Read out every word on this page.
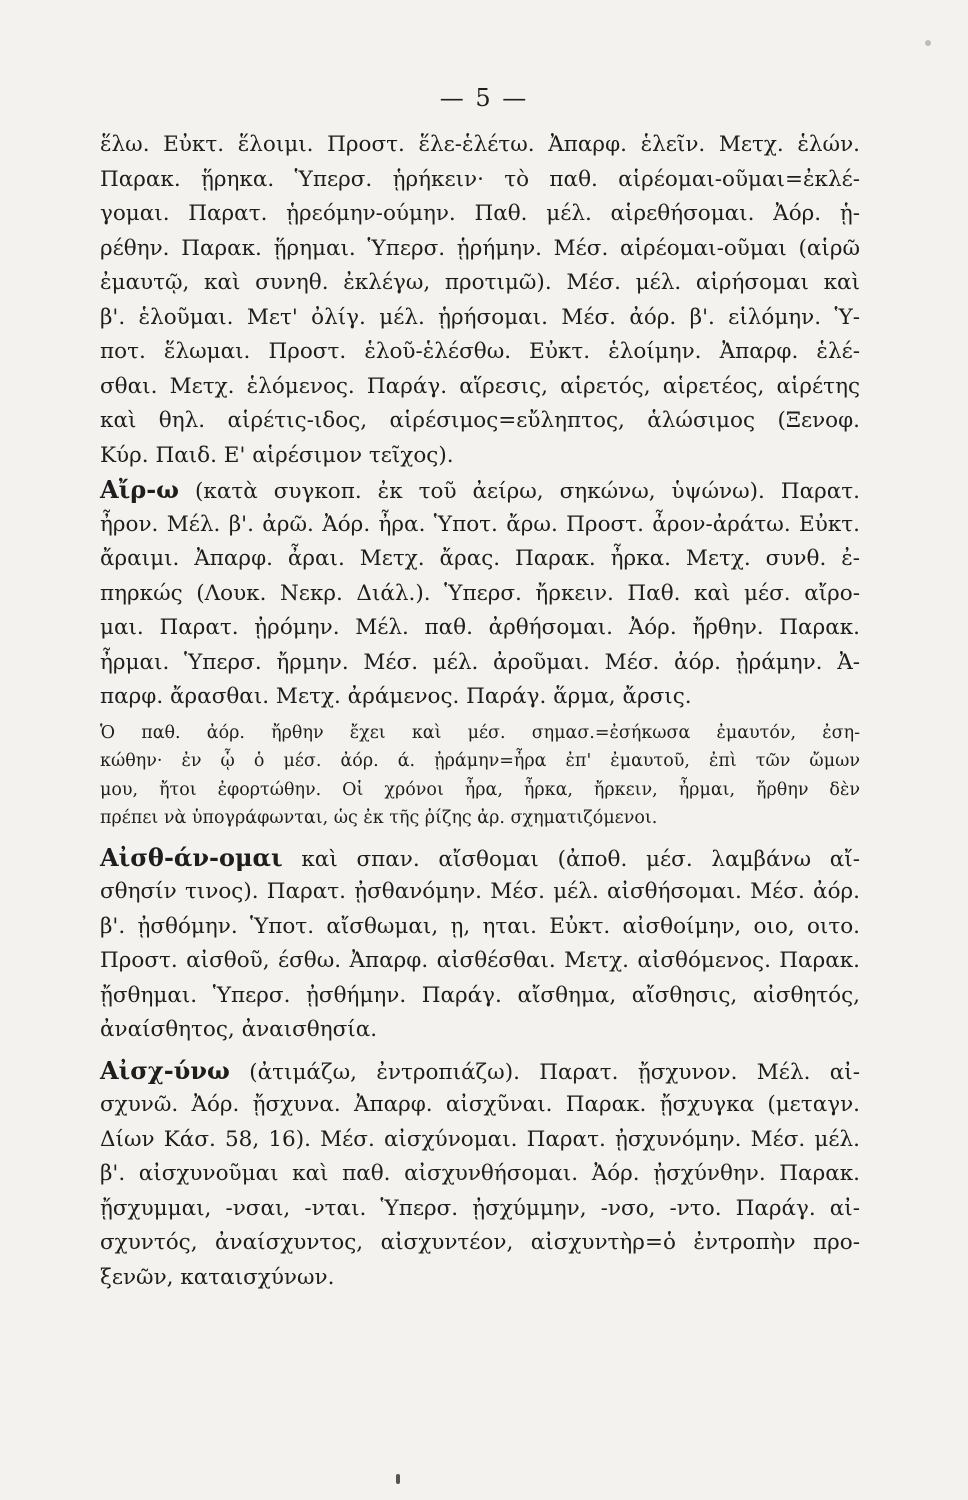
— 5 —
ἕλω. Εὐκτ. ἕλοιμι. Προστ. ἕλε-ἑλέτω. Ἀπαρφ. ἑλεῖν. Μετχ. ἑλών.
Παρακ. ᾕρηκα. Ὑπερσ. ᾑρήκειν· τὸ παθ. αἱρέομαι-οῦμαι=ἐκλέ-
γομαι. Παρατ. ᾑρεόμην-ούμην. Παθ. μέλ. αἱρεθήσομαι. Ἀόρ. ᾑ-
ρέθην. Παρακ. ᾕρημαι. Ὑπερσ. ᾑρήμην. Μέσ. αἱρέομαι-οῦμαι (αἱρῶ
ἐμαυτῷ, καὶ συνηθ. ἐκλέγω, προτιμῶ). Μέσ. μέλ. αἱρήσομαι καὶ
β'. ἑλοῦμαι. Μετ' ὀλίγ. μέλ. ᾑρήσομαι. Μέσ. ἀόρ. β'. εἱλόμην. Ὑ-
ποτ. ἕλωμαι. Προστ. ἑλοῦ-ἑλέσθω. Εὐκτ. ἑλοίμην. Ἀπαρφ. ἑλέ-
σθαι. Μετχ. ἑλόμενος. Παράγ. αἵρεσις, αἱρετός, αἱρετέος, αἱρέτης
καὶ θηλ. αἱρέτις-ιδος, αἱρέσιμος=εὔληπτος, ἁλώσιμος (Ξενοφ.
Κύρ. Παιδ. Ε' αἱρέσιμον τεῖχος).
Αἴρ-ω (κατὰ συγκοπ. ἐκ τοῦ ἀείρω, σηκώνω, ὑψώνω). Παρατ.
ἦρον. Μέλ. β'. ἀρῶ. Ἀόρ. ἦρα. Ὑποτ. ἄρω. Προστ. ἆρον-ἀράτω. Εὐκτ.
ἄραιμι. Ἀπαρφ. ἆραι. Μετχ. ἄρας. Παρακ. ἦρκα. Μετχ. συνθ. ἐ-
πηρκώς (Λουκ. Νεκρ. Διάλ.). Ὑπερσ. ἤρκειν. Παθ. καὶ μέσ. αἴρο-
μαι. Παρατ. ᾐρόμην. Μέλ. παθ. ἀρθήσομαι. Ἀόρ. ἤρθην. Παρακ.
ἦρμαι. Ὑπερσ. ἤρμην. Μέσ. μέλ. ἀροῦμαι. Μέσ. ἀόρ. ᾐράμην. Ἀ-
παρφ. ἄρασθαι. Μετχ. ἀράμενος. Παράγ. ἅρμα, ἄρσις.
Ὁ παθ. ἀόρ. ἤρθην ἔχει καὶ μέσ. σημασ.=ἐσήκωσα ἐμαυτόν, ἐση-
κώθην· ἐν ᾧ ὁ μέσ. ἀόρ. ά. ᾐράμην=ἦρα ἐπ' ἐμαυτοῦ, ἐπὶ τῶν ὤμων
μου, ἤτοι ἐφορτώθην. Οἱ χρόνοι ἦρα, ἦρκα, ἤρκειν, ἦρμαι, ἤρθην δὲν
πρέπει νὰ ὑπογράφωνται, ὡς ἐκ τῆς ῥίζης ἀρ. σχηματιζόμενοι.
Αἰσθ-άν-ομαι καὶ σπαν. αἴσθομαι (ἀποθ. μέσ. λαμβάνω αἴ-
σθησίν τινος). Παρατ. ᾐσθανόμην. Μέσ. μέλ. αἰσθήσομαι. Μέσ. ἀόρ.
β'. ᾐσθόμην. Ὑποτ. αἴσθωμαι, ῃ, ηται. Εὐκτ. αἰσθοίμην, οιο, οιτο.
Προστ. αἰσθοῦ, έσθω. Ἀπαρφ. αἰσθέσθαι. Μετχ. αἰσθόμενος. Παρακ.
ᾔσθημαι. Ὑπερσ. ᾐσθήμην. Παράγ. αἴσθημα, αἴσθησις, αἰσθητός,
ἀναίσθητος, ἀναισθησία.
Αἰσχ-ύνω (ἀτιμάζω, ἐντροπιάζω). Παρατ. ᾔσχυνον. Μέλ. αἰ-
σχυνῶ. Ἀόρ. ᾔσχυνα. Ἀπαρφ. αἰσχῦναι. Παρακ. ᾔσχυγκα (μεταγν.
Δίων Κάσ. 58, 16). Μέσ. αἰσχύνομαι. Παρατ. ᾐσχυνόμην. Μέσ. μέλ.
β'. αἰσχυνοῦμαι καὶ παθ. αἰσχυνθήσομαι. Ἀόρ. ᾐσχύνθην. Παρακ.
ᾔσχυμμαι, -νσαι, -νται. Ὑπερσ. ᾐσχύμμην, -νσο, -ντο. Παράγ. αἰ-
σχυντός, ἀναίσχυντος, αἰσχυντέον, αἰσχυντὴρ=ὁ ἐντροπὴν προ-
ξενῶν, καταισχύνων.
